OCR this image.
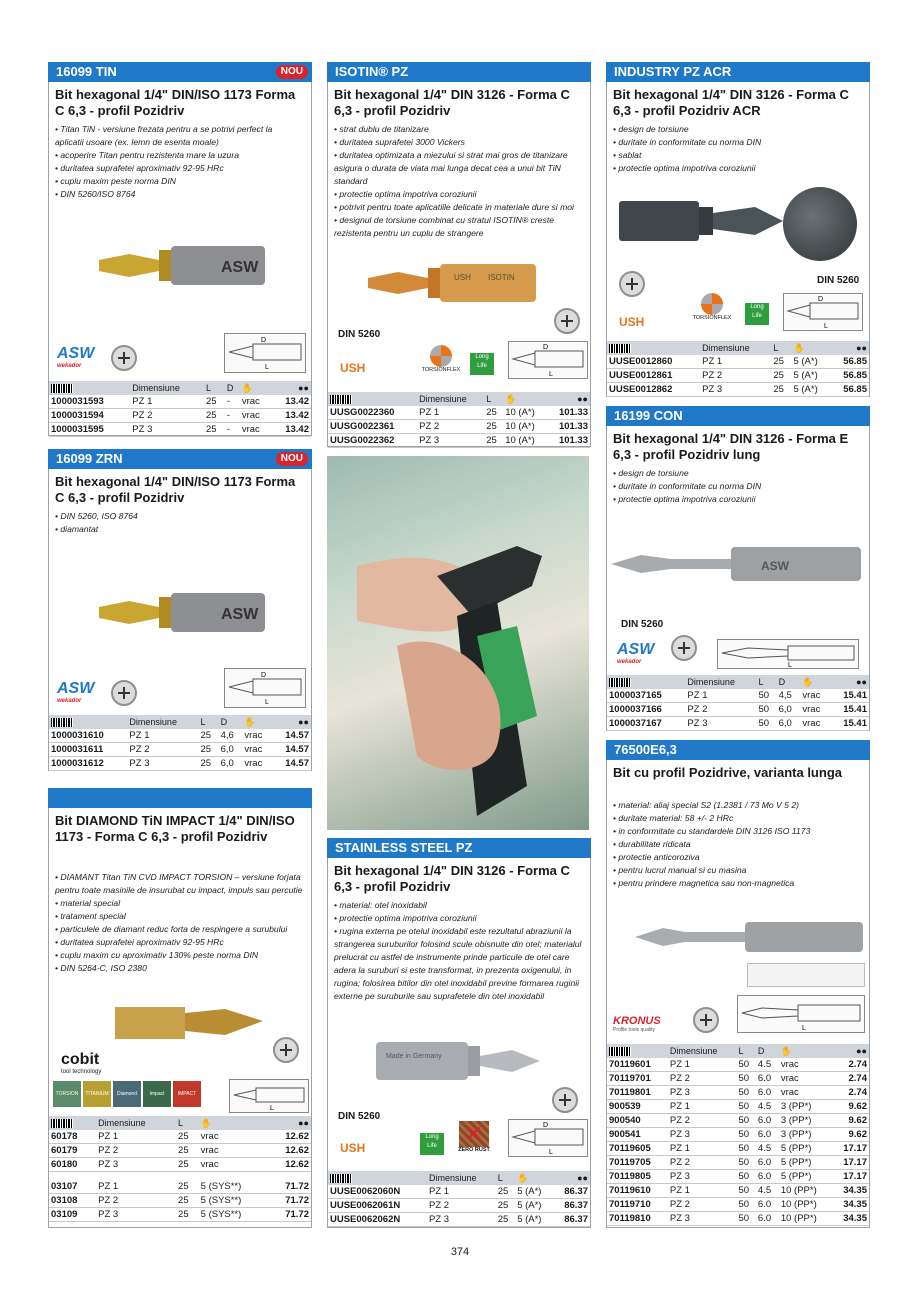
16099 TIN	NOU
Bit hexagonal 1/4" DIN/ISO 1173 Forma C 6,3 - profil Pozidriv
• Titan TiN - versiune frezata pentru a se potrivi perfect la aplicatii usoare (ex. lemn de esenta moale)
• acoperire Titan pentru rezistenta mare la uzura
• duritatea suprafetei aproximativ 92-95 HRc
• cuplu maxim peste norma DIN
• DIN 5260/ISO 8764
ASW
ASW
wekador
D
L
	Dimensiune	L	D	✋	●●
1000031593	PZ 1	25	-	vrac	13.42
1000031594	PZ 2	25	-	vrac	13.42
1000031595	PZ 3	25	-	vrac	13.42
16099 ZRN	NOU
Bit hexagonal 1/4" DIN/ISO 1173 Forma C 6,3 - profil Pozidriv
• DIN 5260, ISO 8764
• diamantat
ASW
ASW
wekador
D
L
	Dimensiune	L	D	✋	●●
1000031610	PZ 1	25	4,6	vrac	14.57
1000031611	PZ 2	25	6,0	vrac	14.57
1000031612	PZ 3	25	6,0	vrac	14.57
Bit DIAMOND TiN IMPACT 1/4" DIN/ISO 1173 - Forma C 6,3 - profil Pozidriv
• DIAMANT Titan TiN CVD IMPACT TORSION – versiune forjata pentru toate masinile de insurubat cu impact, impuls sau percutie
• material special
• tratament special
• particulele de diamant reduc forta de respingere a surubului
• duritatea suprafetei aproximativ 92-95 HRc
• cuplu maxim cu aproximativ 130% peste norma DIN
• DIN 5264-C, ISO 2380
cobit
tool technology
TORSION TITANIUM Diamond Impact	IMPACT
L
	Dimensiune	L	✋	●●
60178	PZ 1	25	vrac	12.62
60179	PZ 2	25	vrac	12.62
60180	PZ 3	25	vrac	12.62

03107	PZ 1	25	5 (SYS**)	71.72
03108	PZ 2	25	5 (SYS**)	71.72
03109	PZ 3	25	5 (SYS**)	71.72
ISOTIN® PZ
Bit hexagonal 1/4" DIN 3126 - Forma C 6,3 - profil Pozidriv
• strat dublu de titanizare
• duritatea suprafetei 3000 Vickers
• duritatea optimizata a miezului si strat mai gros de titanizare asigura o durata de viata mai lunga decat cea a unui bit TiN standard
• protectie optima impotriva coroziunii
• potrivit pentru toate aplicatiile delicate in materiale dure si moi
• designul de torsiune combinat cu stratul ISOTIN® creste rezistenta pentru un cuplu de strangere
USH ISOTIN
DIN 5260
USH	TORSIONFLEX
Long Life
D
L
	Dimensiune	L	✋	●●
UUSG0022360	PZ 1	25	10 (A*)	101.33
UUSG0022361	PZ 2	25	10 (A*)	101.33
UUSG0022362	PZ 3	25	10 (A*)	101.33
STAINLESS STEEL PZ
Bit hexagonal 1/4" DIN 3126 - Forma C 6,3 - profil Pozidriv
• material: otel inoxidabil
• protectie optima impotriva coroziunii
• rugina externa pe otelul inoxidabil este rezultatul abraziunii la strangerea suruburilor folosind scule obisnuite din otel; materialul prelucrat cu astfel de instrumente prinde particule de otel care adera la suruburi si este transformat, in prezenta oxigenului, in rugina; folosirea bitilor din otel inoxidabil previne formarea ruginii externe pe suruburile sau suprafetele din otel inoxidabil
Made in Germany
DIN 5260
USH
Long Life	✕
ZERO RUST
D
L
	Dimensiune	L	✋	●●
UUSE0062060N	PZ 1	25	5 (A*)	86.37
UUSE0062061N	PZ 2	25	5 (A*)	86.37
UUSE0062062N	PZ 3	25	5 (A*)	86.37
INDUSTRY PZ ACR
Bit hexagonal 1/4" DIN 3126 - Forma C 6,3 - profil Pozidriv ACR
• design de torsiune
• duritate in conformitate cu norma DIN
• sablat
• protectie optima impotriva coroziunii
DIN 5260
USH	TORSIONFLEX
Long Life
D
L
	Dimensiune	L	✋	●●
UUSE0012860	PZ 1	25	5 (A*)	56.85
UUSE0012861	PZ 2	25	5 (A*)	56.85
UUSE0012862	PZ 3	25	5 (A*)	56.85
16199 CON
Bit hexagonal 1/4" DIN 3126 - Forma E 6,3 - profil Pozidriv lung
• design de torsiune
• duritate in conformitate cu norma DIN
• protectie optima impotriva coroziunii
ASW
DIN 5260
ASW
wekador	L
	Dimensiune	L	D	✋	●●
1000037165	PZ 1	50	4,5	vrac	15.41
1000037166	PZ 2	50	6,0	vrac	15.41
1000037167	PZ 3	50	6,0	vrac	15.41
76500E6,3
Bit cu profil Pozidrive, varianta lunga
• material: aliaj special S2 (1.2381 / 73 Mo V 5 2)
• duritate material: 58 +/- 2 HRc
• in conformitate cu standardele DIN 3126 ISO 1173
• durabilitate ridicata
• protectie anticoroziva
• pentru lucrul manual si cu masina
• pentru prindere magnetica sau non-magnetica
KRONUS
Profile tools quality	L
	Dimensiune	L	D	✋	●●
70119601	PZ 1	50	4.5	vrac	2.74
70119701	PZ 2	50	6.0	vrac	2.74
70119801	PZ 3	50	6.0	vrac	2.74
900539	PZ 1	50	4.5	3 (PP*)	9.62
900540	PZ 2	50	6.0	3 (PP*)	9.62
900541	PZ 3	50	6.0	3 (PP*)	9.62
70119605	PZ 1	50	4.5	5 (PP*)	17.17
70119705	PZ 2	50	6.0	5 (PP*)	17.17
70119805	PZ 3	50	6.0	5 (PP*)	17.17
70119610	PZ 1	50	4.5	10 (PP*)	34.35
70119710	PZ 2	50	6.0	10 (PP*)	34.35
70119810	PZ 3	50	6.0	10 (PP*)	34.35
374
